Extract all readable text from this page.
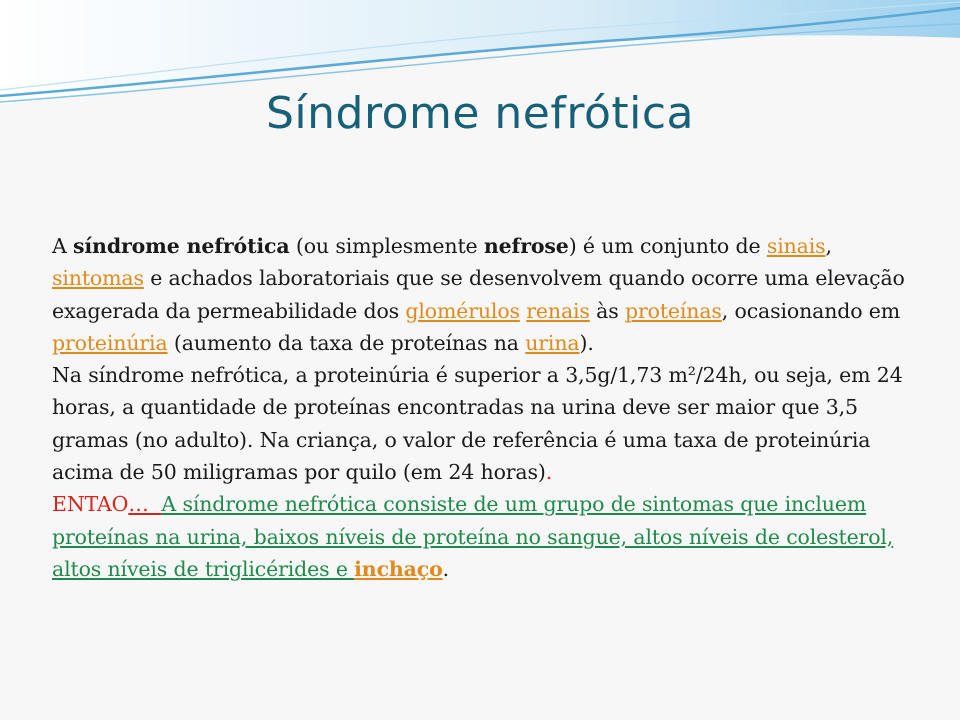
Síndrome nefrótica

A síndrome nefrótica (ou simplesmente nefrose) é um conjunto de sinais, sintomas e achados laboratoriais que se desenvolvem quando ocorre uma elevação exagerada da permeabilidade dos glomérulos renais às proteínas, ocasionando em proteinúria (aumento da taxa de proteínas na urina).

Na síndrome nefrótica, a proteinúria é superior a 3,5g/1,73 m²/24h, ou seja, em 24 horas, a quantidade de proteínas encontradas na urina deve ser maior que 3,5 gramas (no adulto). Na criança, o valor de referência é uma taxa de proteinúria acima de 50 miligramas por quilo (em 24 horas).

ENTAO…  A síndrome nefrótica consiste de um grupo de sintomas que incluem proteínas na urina, baixos níveis de proteína no sangue, altos níveis de colesterol, altos níveis de triglicérides e inchaço.
